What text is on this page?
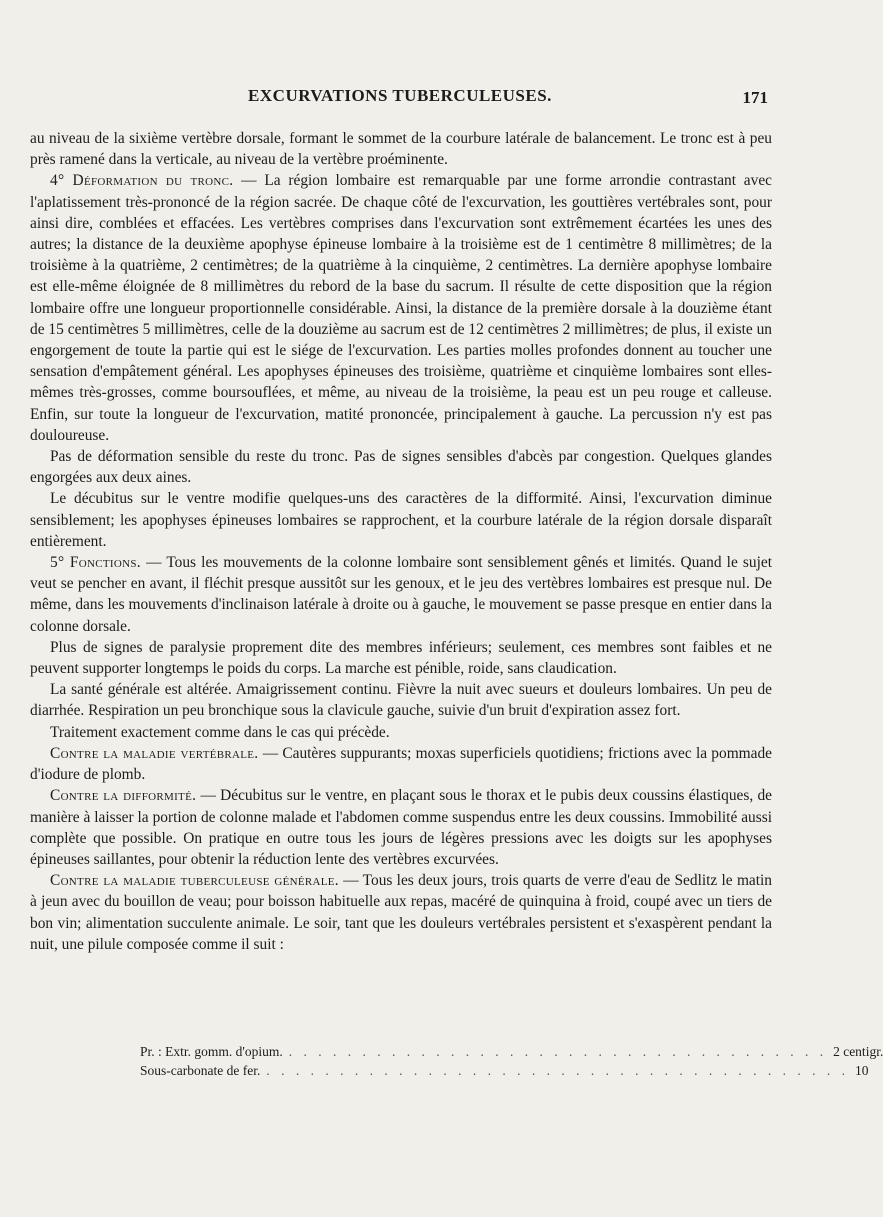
EXCURVATIONS TUBERCULEUSES.	171

au niveau de la sixième vertèbre dorsale, formant le sommet de la courbure latérale de balancement. Le tronc est à peu près ramené dans la verticale, au niveau de la vertèbre proéminente.

4° Déformation du tronc. — La région lombaire est remarquable par une forme arrondie contrastant avec l'aplatissement très-prononcé de la région sacrée. De chaque côté de l'excurvation, les gouttières vertébrales sont, pour ainsi dire, comblées et effacées. Les vertèbres comprises dans l'excurvation sont extrêmement écartées les unes des autres; la distance de la deuxième apophyse épineuse lombaire à la troisième est de 1 centimètre 8 millimètres; de la troisième à la quatrième, 2 centimètres; de la quatrième à la cinquième, 2 centimètres. La dernière apophyse lombaire est elle-même éloignée de 8 millimètres du rebord de la base du sacrum. Il résulte de cette disposition que la région lombaire offre une longueur proportionnelle considérable. Ainsi, la distance de la première dorsale à la douzième étant de 15 centimètres 5 millimètres, celle de la douzième au sacrum est de 12 centimètres 2 millimètres; de plus, il existe un engorgement de toute la partie qui est le siége de l'excurvation. Les parties molles profondes donnent au toucher une sensation d'empâtement général. Les apophyses épineuses des troisième, quatrième et cinquième lombaires sont elles-mêmes très-grosses, comme boursouflées, et même, au niveau de la troisième, la peau est un peu rouge et calleuse. Enfin, sur toute la longueur de l'excurvation, matité prononcée, principalement à gauche. La percussion n'y est pas douloureuse.

Pas de déformation sensible du reste du tronc. Pas de signes sensibles d'abcès par congestion. Quelques glandes engorgées aux deux aines.

Le décubitus sur le ventre modifie quelques-uns des caractères de la difformité. Ainsi, l'excurvation diminue sensiblement; les apophyses épineuses lombaires se rapprochent, et la courbure latérale de la région dorsale disparaît entièrement.

5° Fonctions. — Tous les mouvements de la colonne lombaire sont sensiblement gênés et limités. Quand le sujet veut se pencher en avant, il fléchit presque aussitôt sur les genoux, et le jeu des vertèbres lombaires est presque nul. De même, dans les mouvements d'inclinaison latérale à droite ou à gauche, le mouvement se passe presque en entier dans la colonne dorsale.

Plus de signes de paralysie proprement dite des membres inférieurs; seulement, ces membres sont faibles et ne peuvent supporter longtemps le poids du corps. La marche est pénible, roide, sans claudication.

La santé générale est altérée. Amaigrissement continu. Fièvre la nuit avec sueurs et douleurs lombaires. Un peu de diarrhée. Respiration un peu bronchique sous la clavicule gauche, suivie d'un bruit d'expiration assez fort.

Traitement exactement comme dans le cas qui précède.

Contre la maladie vertébrale. — Cautères suppurants; moxas superficiels quotidiens; frictions avec la pommade d'iodure de plomb.

Contre la difformité. — Décubitus sur le ventre, en plaçant sous le thorax et le pubis deux coussins élastiques, de manière à laisser la portion de colonne malade et l'abdomen comme suspendus entre les deux coussins. Immobilité aussi complète que possible. On pratique en outre tous les jours de légères pressions avec les doigts sur les apophyses épineuses saillantes, pour obtenir la réduction lente des vertèbres excurvées.

Contre la maladie tuberculeuse générale. — Tous les deux jours, trois quarts de verre d'eau de Sedlitz le matin à jeun avec du bouillon de veau; pour boisson habituelle aux repas, macéré de quinquina à froid, coupé avec un tiers de bon vin; alimentation succulente animale. Le soir, tant que les douleurs vertébrales persistent et s'exaspèrent pendant la nuit, une pilule composée comme il suit :

Pr. : Extr. gomm. d'opium. . . . . . . . . . . . . . . . . . . . . . . . . . . . . . . . . . . . . . 2 centigr.
Sous-carbonate de fer. . . . . . . . . . . . . . . . . . . . . . . . . . . . . . . . . . . . . . . . . 10
